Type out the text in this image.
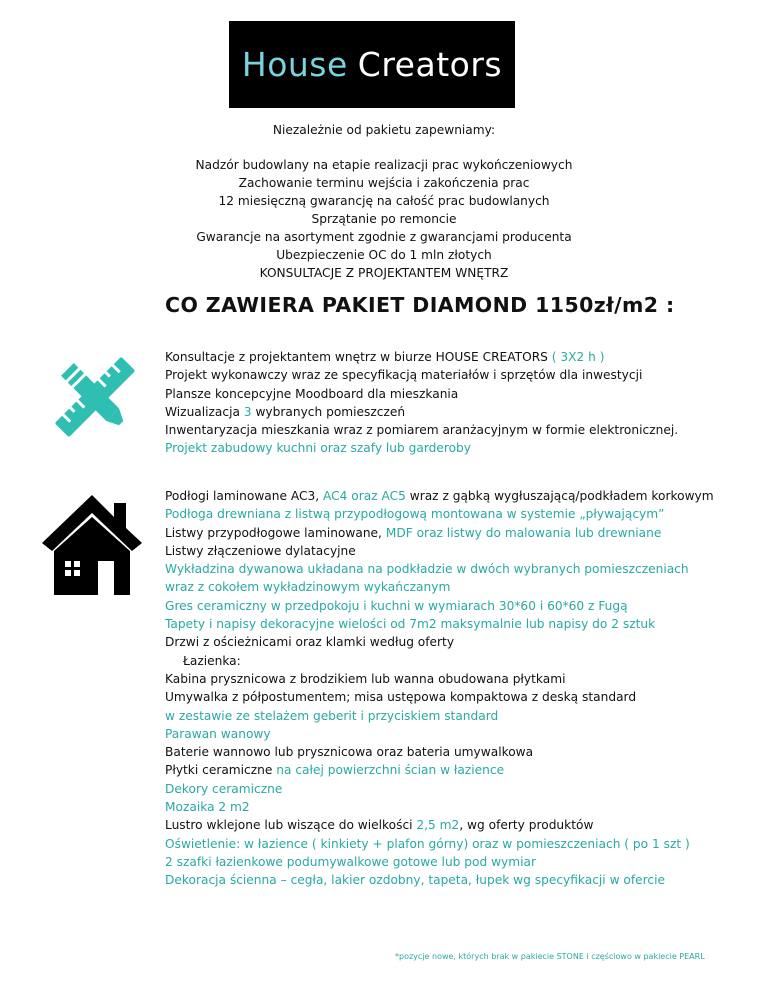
House Creators
Niezależnie od pakietu zapewniamy:
Nadzór budowlany na etapie realizacji prac wykończeniowych
Zachowanie terminu wejścia i zakończenia prac
12 miesięczną gwarancję na całość prac budowlanych
Sprzątanie po remoncie
Gwarancje na asortyment zgodnie z gwarancjami producenta
Ubezpieczenie OC do 1 mln złotych
KONSULTACJE Z PROJEKTANTEM WNĘTRZ
CO ZAWIERA PAKIET DIAMOND 1150zł/m2 :
Konsultacje z projektantem wnętrz w biurze HOUSE CREATORS ( 3X2 h )
Projekt wykonawczy wraz ze specyfikacją materiałów i sprzętów dla inwestycji
Plansze koncepcyjne Moodboard dla mieszkania
Wizualizacja 3 wybranych pomieszczeń
Inwentaryzacja mieszkania wraz z pomiarem aranżacyjnym w formie elektronicznej.
Projekt zabudowy kuchni oraz szafy lub garderoby
Podłogi laminowane AC3, AC4 oraz AC5 wraz z gąbką wygłuszającą/podkładem korkowym
Podłoga drewniana z listwą przypodłogową montowana w systemie „pływającym”
Listwy przypodłogowe laminowane, MDF oraz listwy do malowania lub drewniane
Listwy złączeniowe dylatacyjne
Wykładzina dywanowa układana na podkładzie w dwóch wybranych pomieszczeniach
wraz z cokołem wykładzinowym wykańczanym
Gres ceramiczny w przedpokoju i kuchni w wymiarach 30*60 i 60*60 z Fugą
Tapety i napisy dekoracyjne wielości od 7m2 maksymalnie lub napisy do 2 sztuk
Drzwi z ościeżnicami oraz klamki według oferty
Łazienka:
Kabina prysznicowa z brodzikiem lub wanna obudowana płytkami
Umywalka z półpostumentem; misa ustępowa kompaktowa z deską standard
w zestawie ze stelażem geberit i przyciskiem standard
Parawan wanowy
Baterie wannowo lub prysznicowa oraz bateria umywalkowa
Płytki ceramiczne na całej powierzchni ścian w łazience
Dekory ceramiczne
Mozaika 2 m2
Lustro wklejone lub wiszące do wielkości 2,5 m2, wg oferty produktów
Oświetlenie: w łazience ( kinkiety + plafon górny) oraz w pomieszczeniach ( po 1 szt )
2 szafki łazienkowe podumywalkowe gotowe lub pod wymiar
Dekoracja ścienna – cegła, lakier ozdobny, tapeta, łupek wg specyfikacji w ofercie
*pozycje nowe, których brak w pakiecie STONE i częściowo w pakiecie PEARL
